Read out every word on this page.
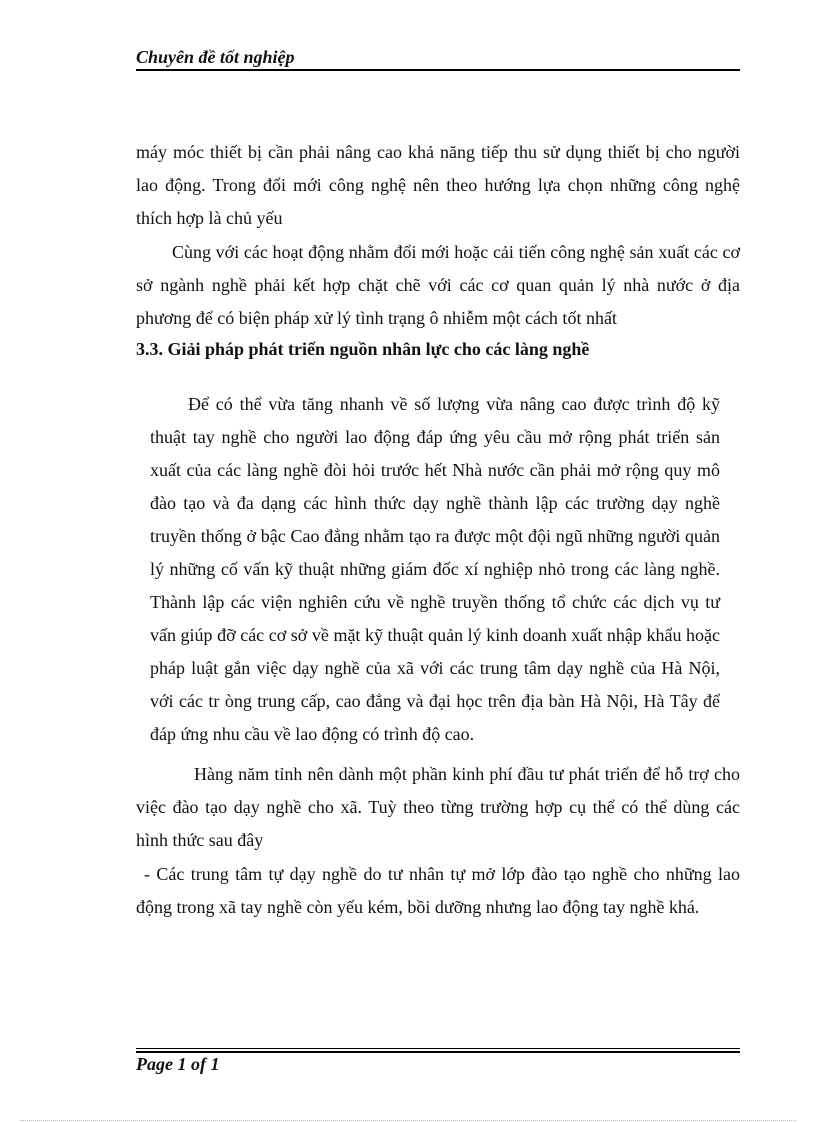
Chuyên đề tốt nghiệp

máy móc thiết bị cần phải nâng cao khả năng tiếp thu sử dụng thiết bị cho người lao động. Trong đổi mới công nghệ nên theo hướng lựa chọn những công nghệ thích hợp là chủ yếu

Cùng với các hoạt động nhằm đổi mới hoặc cải tiến công nghệ sản xuất các cơ sở ngành nghề phải kết hợp chặt chẽ với các cơ quan quản lý nhà nước ở địa phương để có biện pháp xử lý tình trạng ô nhiễm một cách tốt nhất

3.3. Giải pháp phát triển nguồn nhân lực cho các làng nghề

Để có thể vừa tăng nhanh về số lượng vừa nâng cao được trình độ kỹ thuật tay nghề cho người lao động đáp ứng yêu cầu mở rộng phát triển sản xuất của các làng nghề đòi hỏi trước hết Nhà nước cần phải mở rộng quy mô đào tạo và đa dạng các hình thức dạy nghề thành lập các trường dạy nghề truyền thống ở bậc Cao đẳng nhằm tạo ra được một đội ngũ những người quản lý những cố vấn kỹ thuật những giám đốc xí nghiệp nhỏ trong các làng nghề. Thành lập các viện nghiên cứu về nghề truyền thống tổ chức các dịch vụ tư vấn giúp đỡ các cơ sở về mặt kỹ thuật quản lý kinh doanh xuất nhập khẩu hoặc pháp luật gắn việc dạy nghề của xã với các trung tâm dạy nghề của Hà Nội, với các tr òng trung cấp, cao đẳng và đại học trên địa bàn Hà Nội, Hà Tây để đáp ứng nhu cầu về lao động có trình độ cao.

Hàng năm tỉnh nên dành một phần kinh phí đầu tư phát triển để hỗ trợ cho việc đào tạo dạy nghề cho xã. Tuỳ theo từng trường hợp cụ thể có thể dùng các hình thức sau đây

- Các trung tâm tự dạy nghề do tư nhân tự mở lớp đào tạo nghề cho những lao động trong xã tay nghề còn yếu kém, bồi dưỡng nhưng lao động tay nghề khá.

Page 1 of 1
